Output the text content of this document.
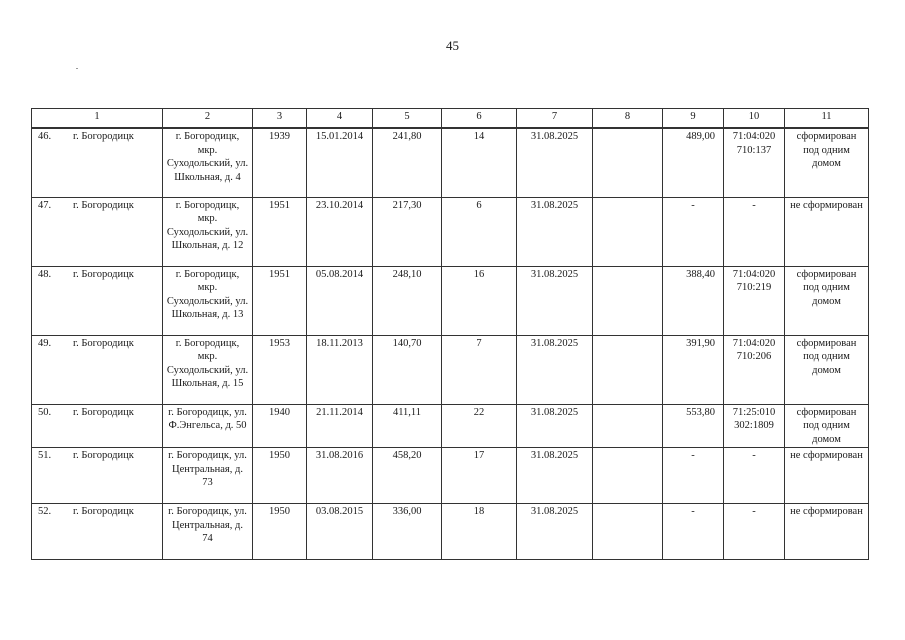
45
1	2	3	4	5	6	7	8	9	10	11

46. г. Богородицк	г. Богородицк, мкр. Суходольский, ул. Школьная, д. 4	1939	15.01.2014	241,80	14	31.08.2025		489,00	71:04:020 710:137	сформирован под одним домом

47. г. Богородицк	г. Богородицк, мкр. Суходольский, ул. Школьная, д. 12	1951	23.10.2014	217,30	6	31.08.2025		-	-	не сформирован

48. г. Богородицк	г. Богородицк, мкр. Суходольский, ул. Школьная, д. 13	1951	05.08.2014	248,10	16	31.08.2025		388,40	71:04:020 710:219	сформирован под одним домом

49. г. Богородицк	г. Богородицк, мкр. Суходольский, ул. Школьная, д. 15	1953	18.11.2013	140,70	7	31.08.2025		391,90	71:04:020 710:206	сформирован под одним домом

50. г. Богородицк	г. Богородицк, ул. Ф.Энгельса, д. 50	1940	21.11.2014	411,11	22	31.08.2025		553,80	71:25:010 302:1809	сформирован под одним домом

51. г. Богородицк	г. Богородицк, ул. Центральная, д. 73	1950	31.08.2016	458,20	17	31.08.2025		-	-	не сформирован

52. г. Богородицк	г. Богородицк, ул. Центральная, д. 74	1950	03.08.2015	336,00	18	31.08.2025		-	-	не сформирован
